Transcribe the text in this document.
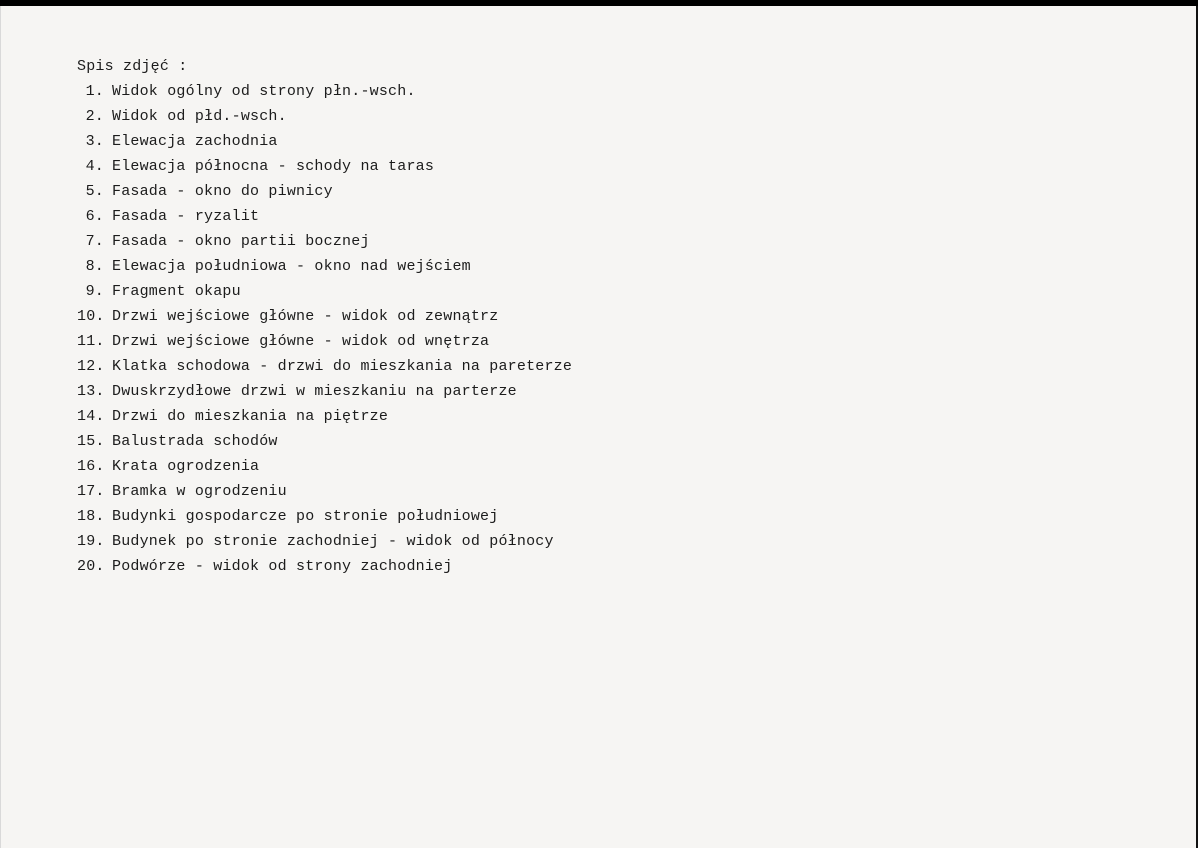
Spis zdjęć :
1. Widok ogólny od strony płn.-wsch.
2. Widok od płd.-wsch.
3. Elewacja zachodnia
4. Elewacja północna - schody na taras
5. Fasada - okno do piwnicy
6. Fasada - ryzalit
7. Fasada - okno partii bocznej
8. Elewacja południowa - okno nad wejściem
9. Fragment okapu
10. Drzwi wejściowe główne - widok od zewnątrz
11. Drzwi wejściowe główne - widok od wnętrza
12. Klatka schodowa - drzwi do mieszkania na pareterze
13. Dwuskrzydłowe drzwi w mieszkaniu na parterze
14. Drzwi do mieszkania na piętrze
15. Balustrada schodów
16. Krata ogrodzenia
17. Bramka w ogrodzeniu
18. Budynki gospodarcze po stronie południowej
19. Budynek po stronie zachodniej - widok od północy
20. Podwórze - widok od strony zachodniej
